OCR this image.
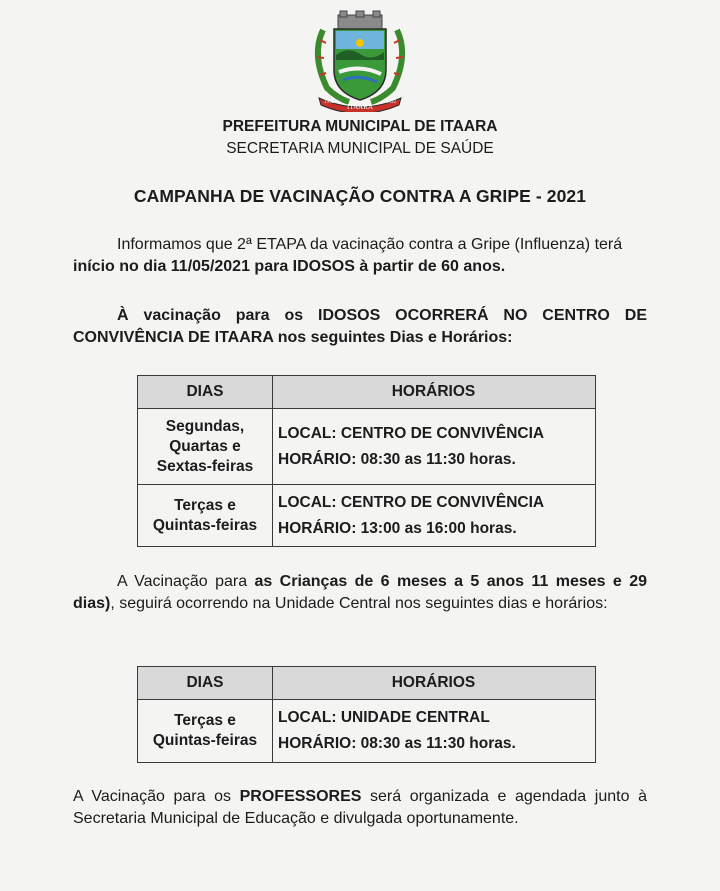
ITAARA
1992	1992
PREFEITURA MUNICIPAL DE ITAARA
SECRETARIA MUNICIPAL DE SAÚDE
CAMPANHA DE VACINAÇÃO CONTRA A GRIPE - 2021
Informamos que 2ª ETAPA da vacinação contra a Gripe (Influenza) terá início no dia 11/05/2021 para IDOSOS à partir de 60 anos.
À vacinação para os IDOSOS OCORRERÁ NO CENTRO DE CONVIVÊNCIA DE ITAARA nos seguintes Dias e Horários:
DIAS	HORÁRIOS
Segundas,
Quartas e
Sextas-feiras	LOCAL: CENTRO DE CONVIVÊNCIA
HORÁRIO: 08:30 as 11:30 horas.
Terças e
Quintas-feiras	LOCAL: CENTRO DE CONVIVÊNCIA
HORÁRIO: 13:00 as 16:00 horas.
A Vacinação para as Crianças de 6 meses a 5 anos 11 meses e 29 dias), seguirá ocorrendo na Unidade Central nos seguintes dias e horários:
DIAS	HORÁRIOS
Terças e
Quintas-feiras	LOCAL: UNIDADE CENTRAL
HORÁRIO: 08:30 as 11:30 horas.
A Vacinação para os PROFESSORES será organizada e agendada junto à Secretaria Municipal de Educação e divulgada oportunamente.
